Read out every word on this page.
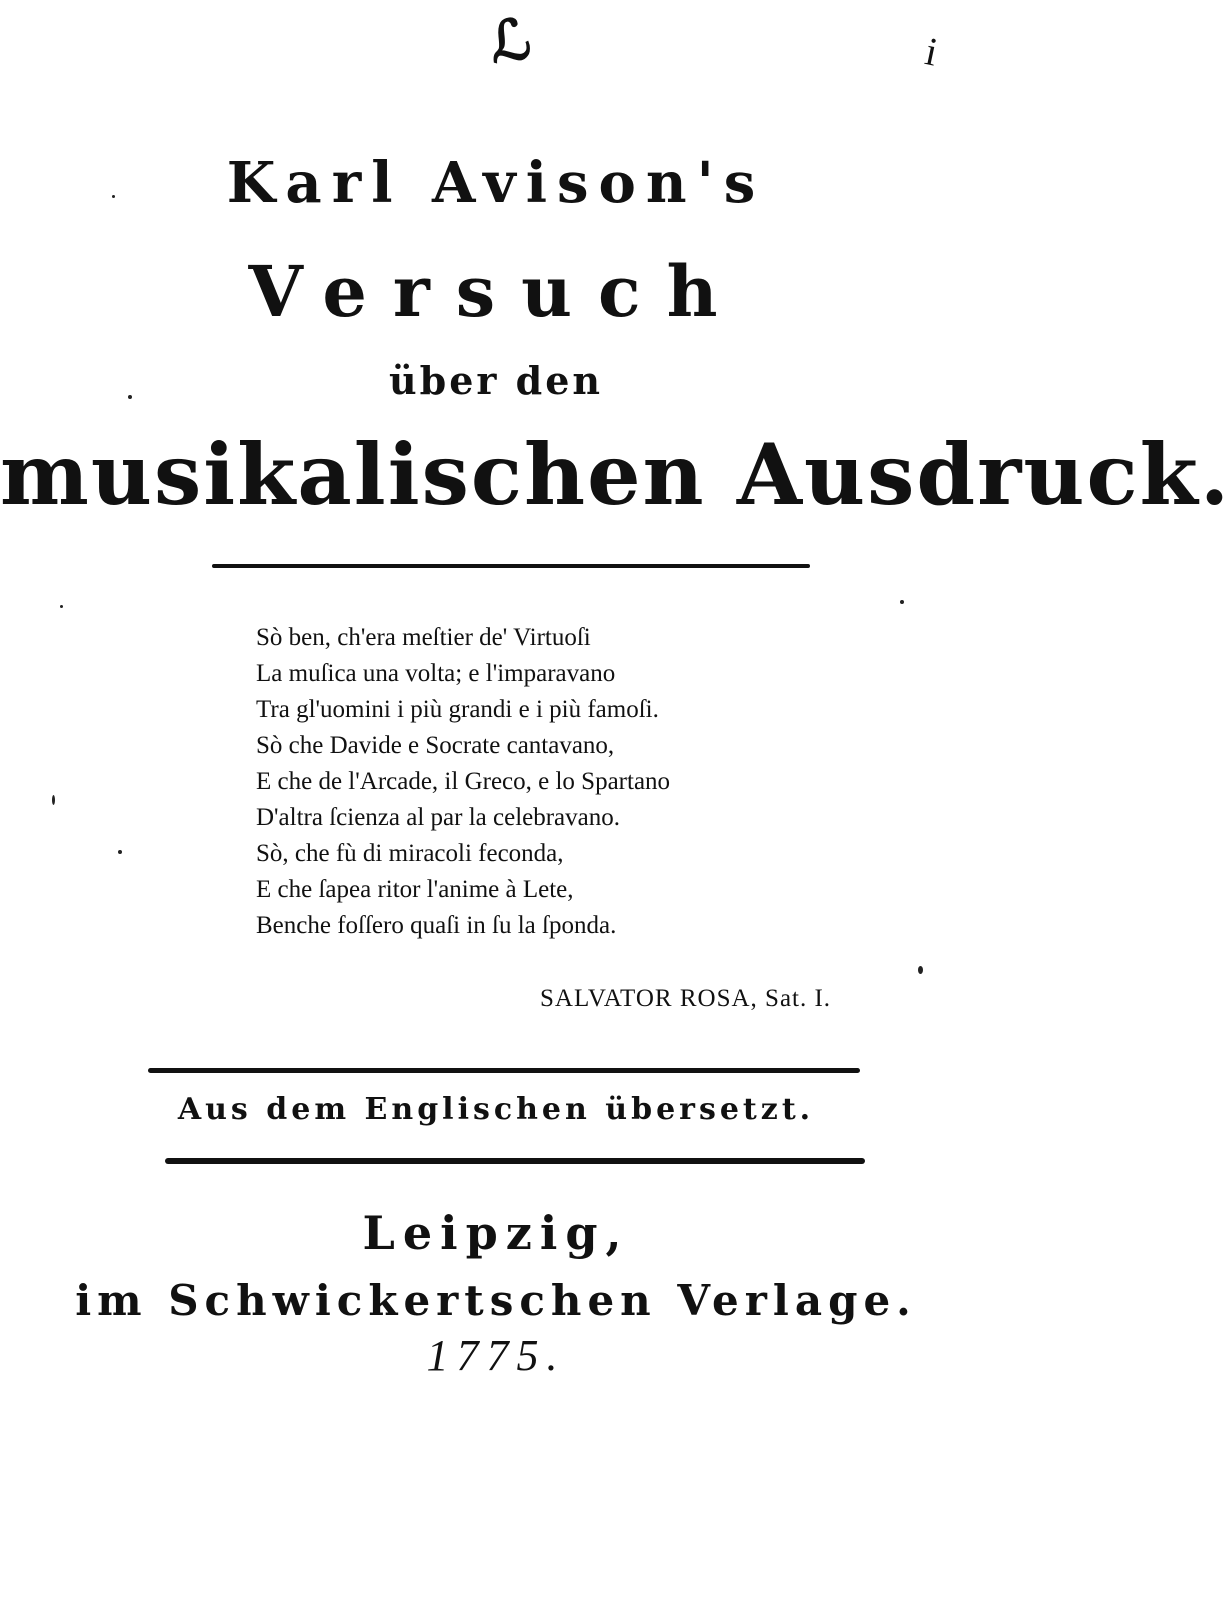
ℒ	i
Karl Avison's
Versuch
über den
musikalischen Ausdruck.
Sò ben, ch'era meſtier de' Virtuoſi
La muſica una volta; e l'imparavano
Tra gl'uomini i più grandi e i più famoſi.
Sò che Davide e Socrate cantavano,
E che de l'Arcade, il Greco, e lo Spartano
D'altra ſcienza al par la celebravano.
Sò, che fù di miracoli feconda,
E che ſapea ritor l'anime à Lete,
Benche foſſero quaſi in ſu la ſponda.
SALVATOR ROSA, Sat. I.
Aus dem Englischen übersetzt.
Leipzig,
im Schwickertschen Verlage.
1775.
